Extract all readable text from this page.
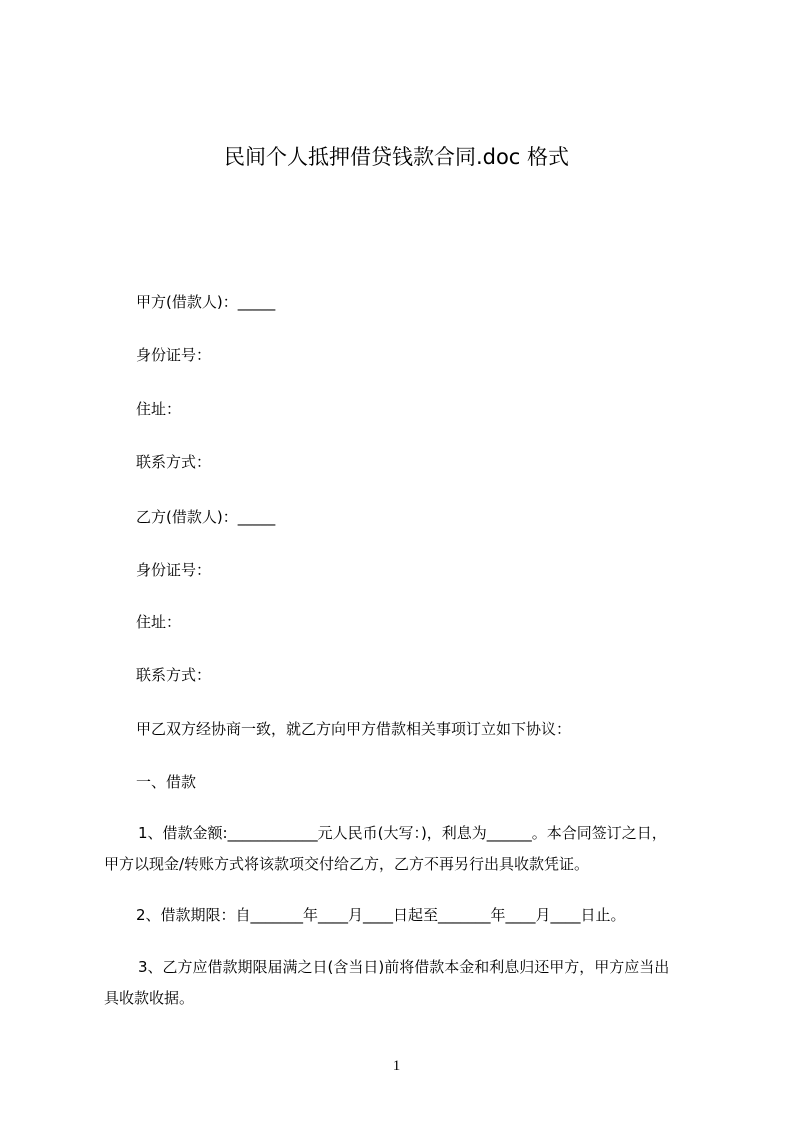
民间个人抵押借贷钱款合同.doc 格式
甲方(借款人)：_____
身份证号：
住址：
联系方式：
乙方(借款人)：_____
身份证号：
住址：
联系方式：
甲乙双方经协商一致，就乙方向甲方借款相关事项订立如下协议：
一、借款
1、借款金额:____________元人民币(大写：)，利息为______。本合同签订之日，
甲方以现金/转账方式将该款项交付给乙方，乙方不再另行出具收款凭证。
2、借款期限：自_______年____月____日起至_______年____月____日止。
3、乙方应借款期限届满之日(含当日)前将借款本金和利息归还甲方，甲方应当出
具收款收据。
1
